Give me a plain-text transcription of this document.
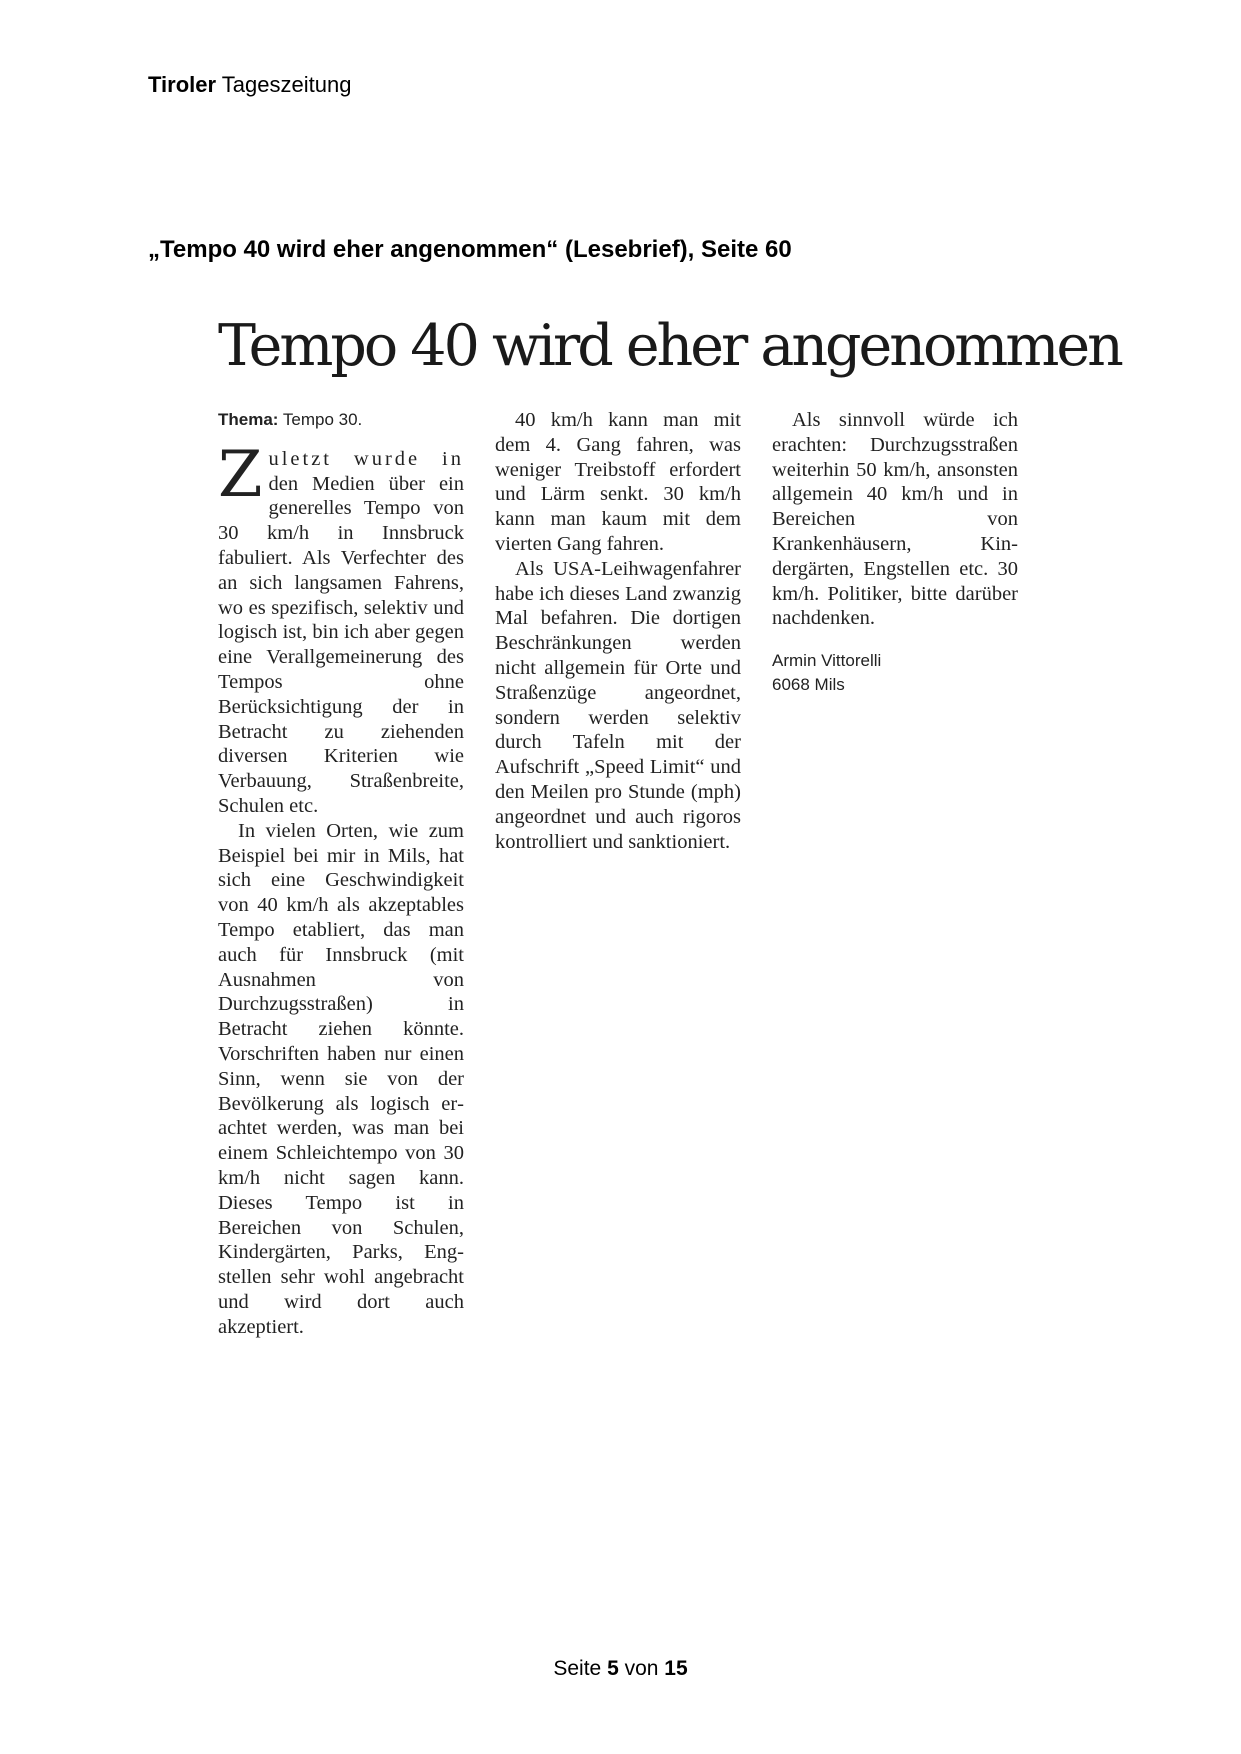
Tiroler Tageszeitung
„Tempo 40 wird eher angenommen“ (Lesebrief), Seite 60
Tempo 40 wird eher angenommen
Thema: Tempo 30.

Z uletzt wurde in den Medien über ein generelles Tempo von 30 km/h in Innsbruck fabuliert. Als Verfechter des an sich langsamen Fahrens, wo es spezifisch, selektiv und logisch ist, bin ich aber gegen eine Verallgemeinerung des Tempos ohne Berücksichtigung der in Betracht zu ziehenden diversen Kriterien wie Verbauung, Straßenbreite, Schulen etc.

In vielen Orten, wie zum Beispiel bei mir in Mils, hat sich eine Geschwindigkeit von 40 km/h als akzeptables Tempo etabliert, das man auch für Innsbruck (mit Ausnahmen von Durchzugsstraßen) in Betracht ziehen könnte. Vorschriften haben nur einen Sinn, wenn sie von der Bevölkerung als logisch erachtet werden, was man bei einem Schleichtempo von 30 km/h nicht sagen kann. Dieses Tempo ist in Bereichen von Schulen, Kindergärten, Parks, Engstellen sehr wohl angebracht und wird dort auch akzeptiert.

40 km/h kann man mit dem 4. Gang fahren, was weniger Treibstoff erfordert und Lärm senkt. 30 km/h kann man kaum mit dem vierten Gang fahren.

Als USA-Leihwagenfahrer habe ich dieses Land zwanzig Mal befahren. Die dortigen Beschränkungen werden nicht allgemein für Orte und Straßenzüge angeordnet, sondern werden selektiv durch Tafeln mit der Aufschrift „Speed Limit“ und den Meilen pro Stunde (mph) angeordnet und auch rigoros kontrolliert und sanktioniert.

Als sinnvoll würde ich erachten: Durchzugsstraßen weiterhin 50 km/h, ansonsten allgemein 40 km/h und in Bereichen von Krankenhäusern, Kindergärten, Engstellen etc. 30 km/h. Politiker, bitte darüber nachdenken.

Armin Vittorelli
6068 Mils
Seite 5 von 15
